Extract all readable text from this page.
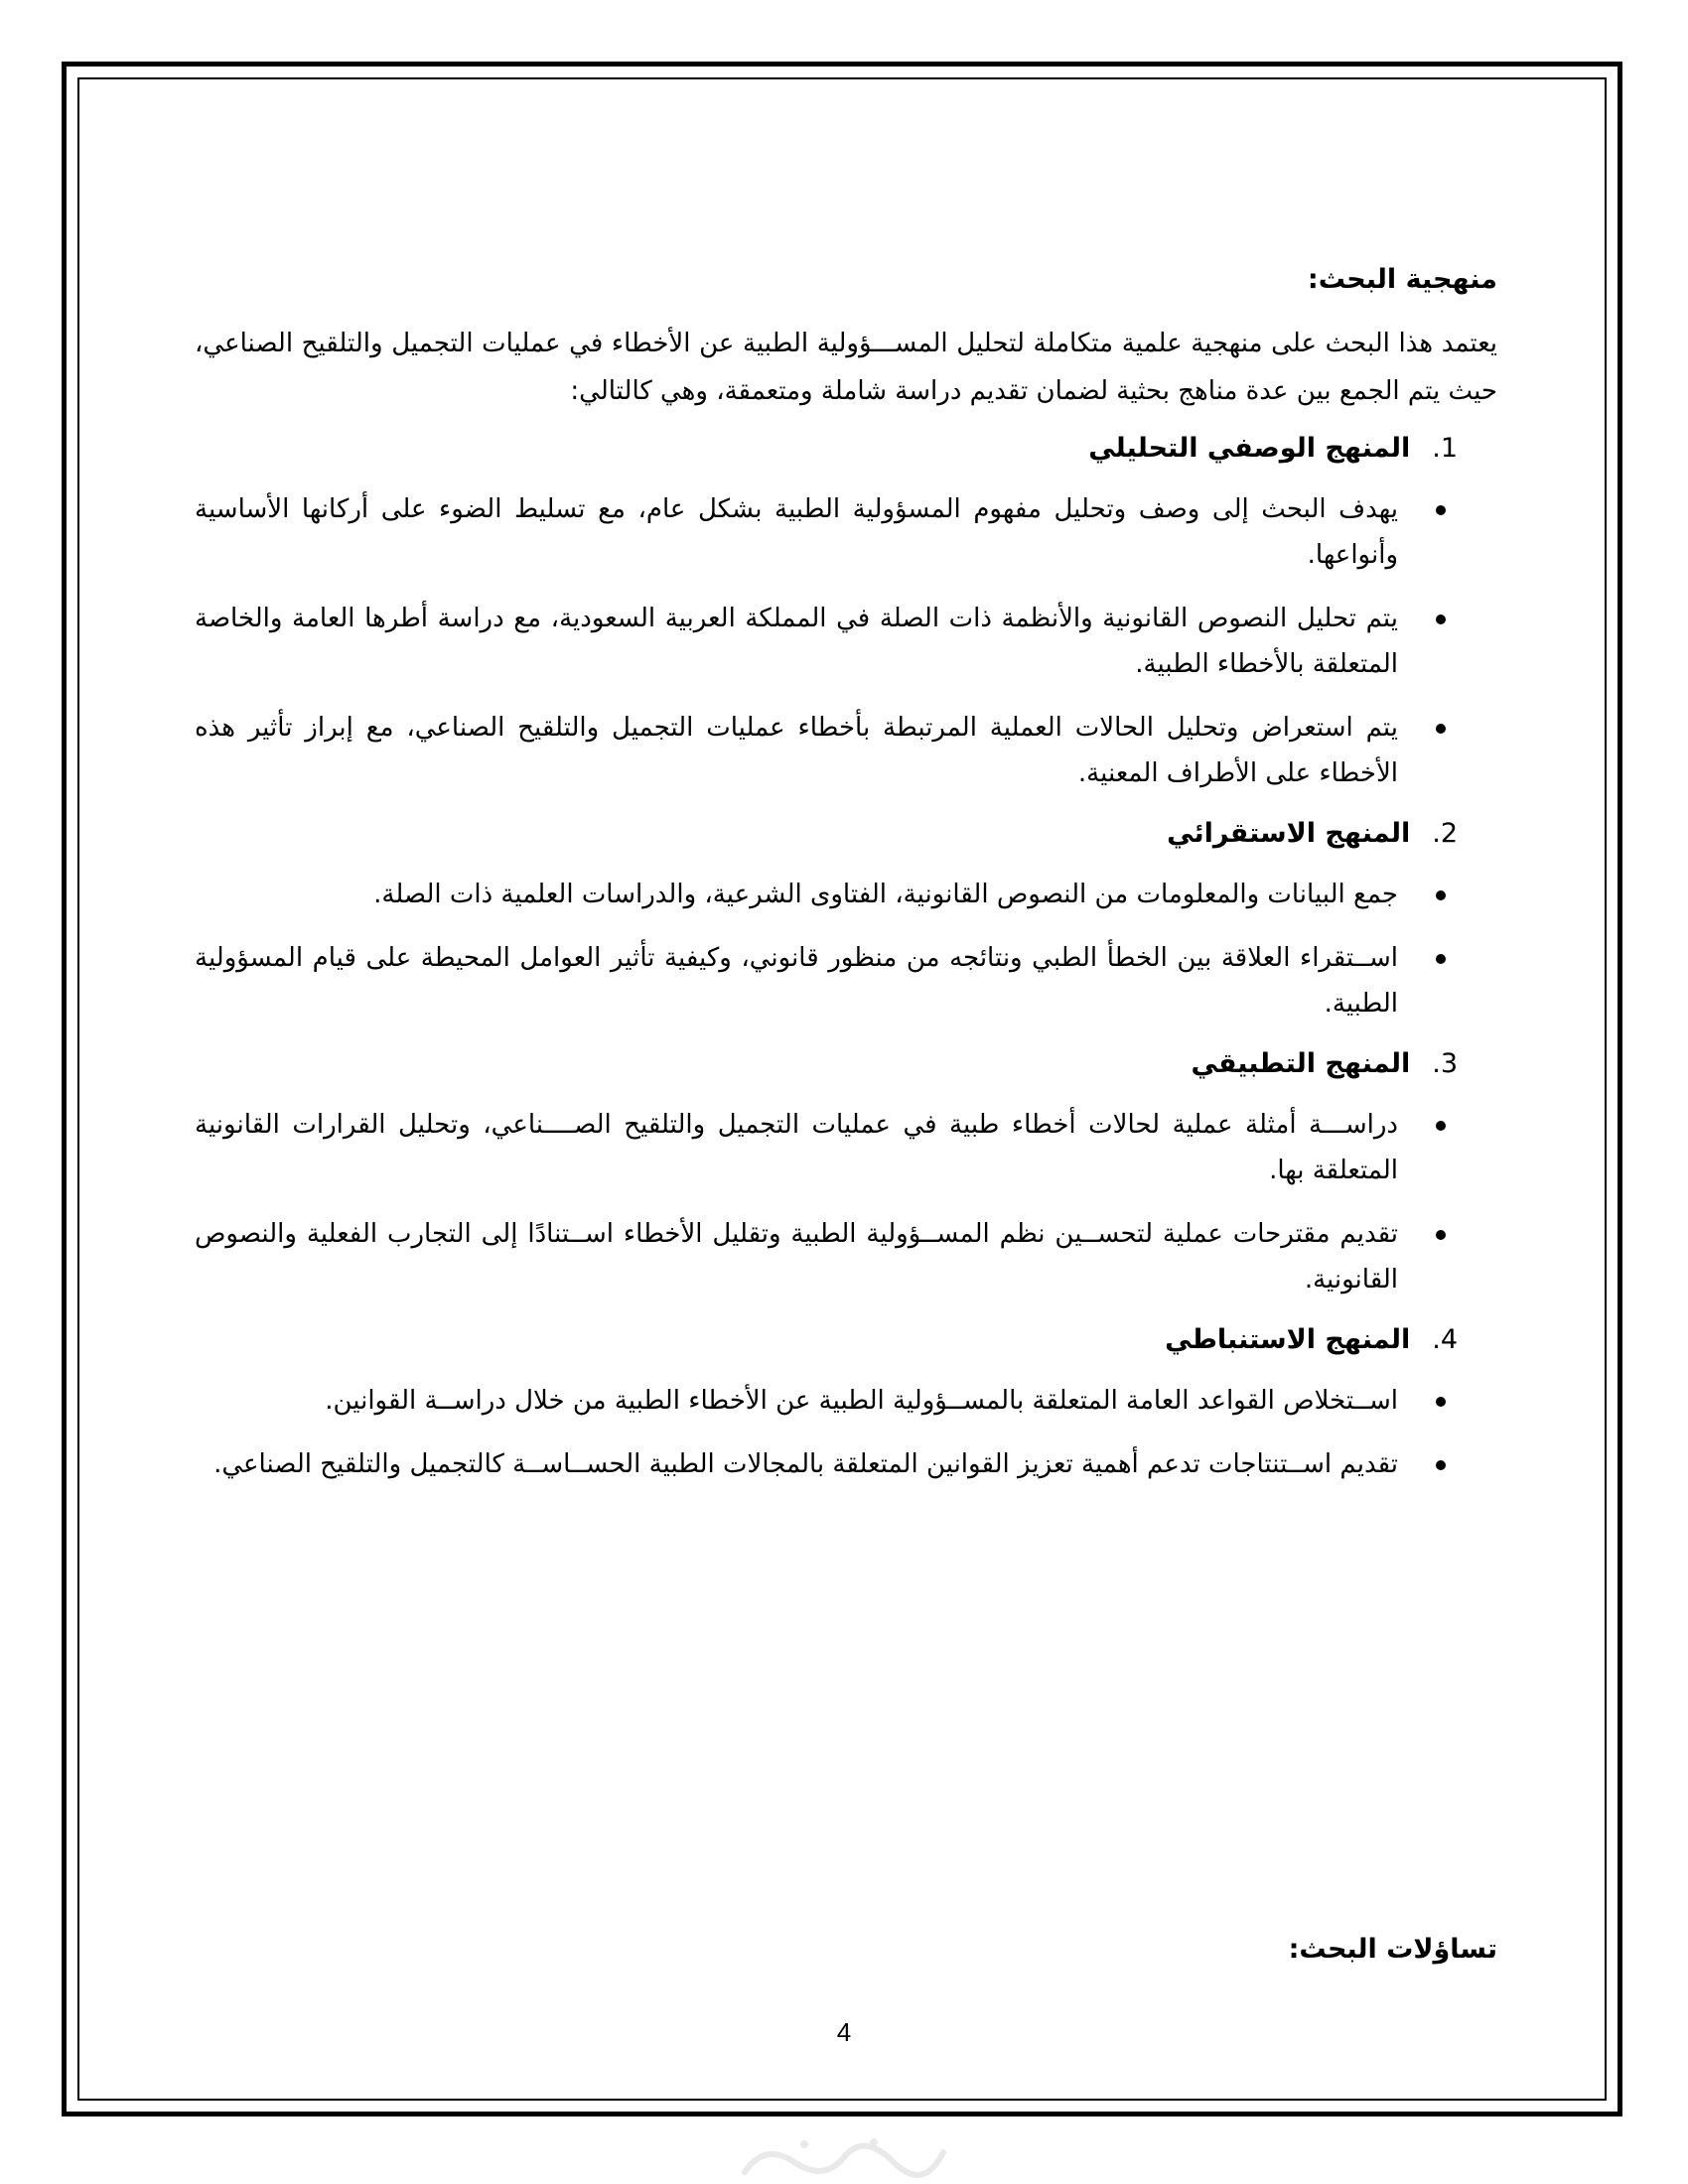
منهجية البحث:

يعتمد هذا البحث على منهجية علمية متكاملة لتحليل المســـؤولية الطبية عن الأخطاء في عمليات التجميل والتلقيح الصناعي، حيث يتم الجمع بين عدة مناهج بحثية لضمان تقديم دراسة شاملة ومتعمقة، وهي كالتالي:

1.
المنهج الوصفي التحليلي
يهدف البحث إلى وصف وتحليل مفهوم المسؤولية الطبية بشكل عام، مع تسليط الضوء على أركانها الأساسية وأنواعها.
يتم تحليل النصوص القانونية والأنظمة ذات الصلة في المملكة العربية السعودية، مع دراسة أطرها العامة والخاصة المتعلقة بالأخطاء الطبية.
يتم استعراض وتحليل الحالات العملية المرتبطة بأخطاء عمليات التجميل والتلقيح الصناعي، مع إبراز تأثير هذه الأخطاء على الأطراف المعنية.
2.
المنهج الاستقرائي
جمع البيانات والمعلومات من النصوص القانونية، الفتاوى الشرعية، والدراسات العلمية ذات الصلة.
اســتقراء العلاقة بين الخطأ الطبي ونتائجه من منظور قانوني، وكيفية تأثير العوامل المحيطة على قيام المسؤولية الطبية.
3.
المنهج التطبيقي
دراســـة أمثلة عملية لحالات أخطاء طبية في عمليات التجميل والتلقيح الصــــناعي، وتحليل القرارات القانونية المتعلقة بها.
تقديم مقترحات عملية لتحســين نظم المســؤولية الطبية وتقليل الأخطاء اســتنادًا إلى التجارب الفعلية والنصوص القانونية.
4.
المنهج الاستنباطي
اســتخلاص القواعد العامة المتعلقة بالمســؤولية الطبية عن الأخطاء الطبية من خلال دراســة القوانين.
تقديم اســتنتاجات تدعم أهمية تعزيز القوانين المتعلقة بالمجالات الطبية الحســاســة كالتجميل والتلقيح الصناعي.
تساؤلات البحث:
4
